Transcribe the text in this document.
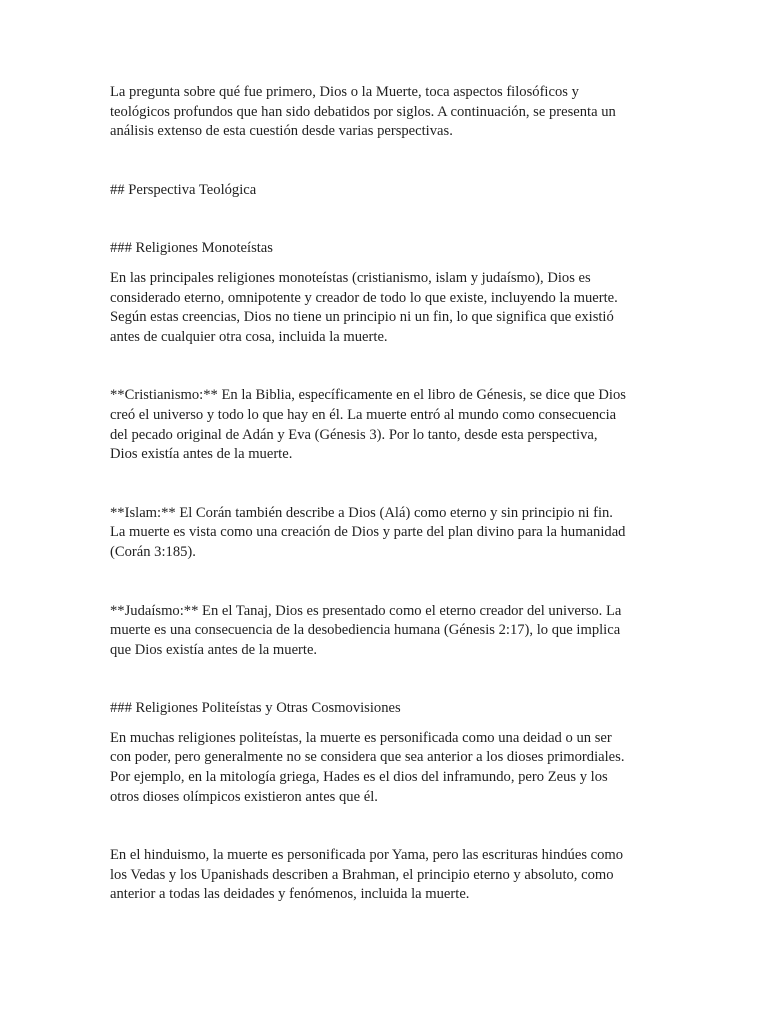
La pregunta sobre qué fue primero, Dios o la Muerte, toca aspectos filosóficos y
teológicos profundos que han sido debatidos por siglos. A continuación, se presenta un
análisis extenso de esta cuestión desde varias perspectivas.

## Perspectiva Teológica

### Religiones Monoteístas

En las principales religiones monoteístas (cristianismo, islam y judaísmo), Dios es
considerado eterno, omnipotente y creador de todo lo que existe, incluyendo la muerte.
Según estas creencias, Dios no tiene un principio ni un fin, lo que significa que existió
antes de cualquier otra cosa, incluida la muerte.

**Cristianismo:** En la Biblia, específicamente en el libro de Génesis, se dice que Dios
creó el universo y todo lo que hay en él. La muerte entró al mundo como consecuencia
del pecado original de Adán y Eva (Génesis 3). Por lo tanto, desde esta perspectiva,
Dios existía antes de la muerte.

**Islam:** El Corán también describe a Dios (Alá) como eterno y sin principio ni fin.
La muerte es vista como una creación de Dios y parte del plan divino para la humanidad
(Corán 3:185).

**Judaísmo:** En el Tanaj, Dios es presentado como el eterno creador del universo. La
muerte es una consecuencia de la desobediencia humana (Génesis 2:17), lo que implica
que Dios existía antes de la muerte.

### Religiones Politeístas y Otras Cosmovisiones

En muchas religiones politeístas, la muerte es personificada como una deidad o un ser
con poder, pero generalmente no se considera que sea anterior a los dioses primordiales.
Por ejemplo, en la mitología griega, Hades es el dios del inframundo, pero Zeus y los
otros dioses olímpicos existieron antes que él.

En el hinduismo, la muerte es personificada por Yama, pero las escrituras hindúes como
los Vedas y los Upanishads describen a Brahman, el principio eterno y absoluto, como
anterior a todas las deidades y fenómenos, incluida la muerte.
